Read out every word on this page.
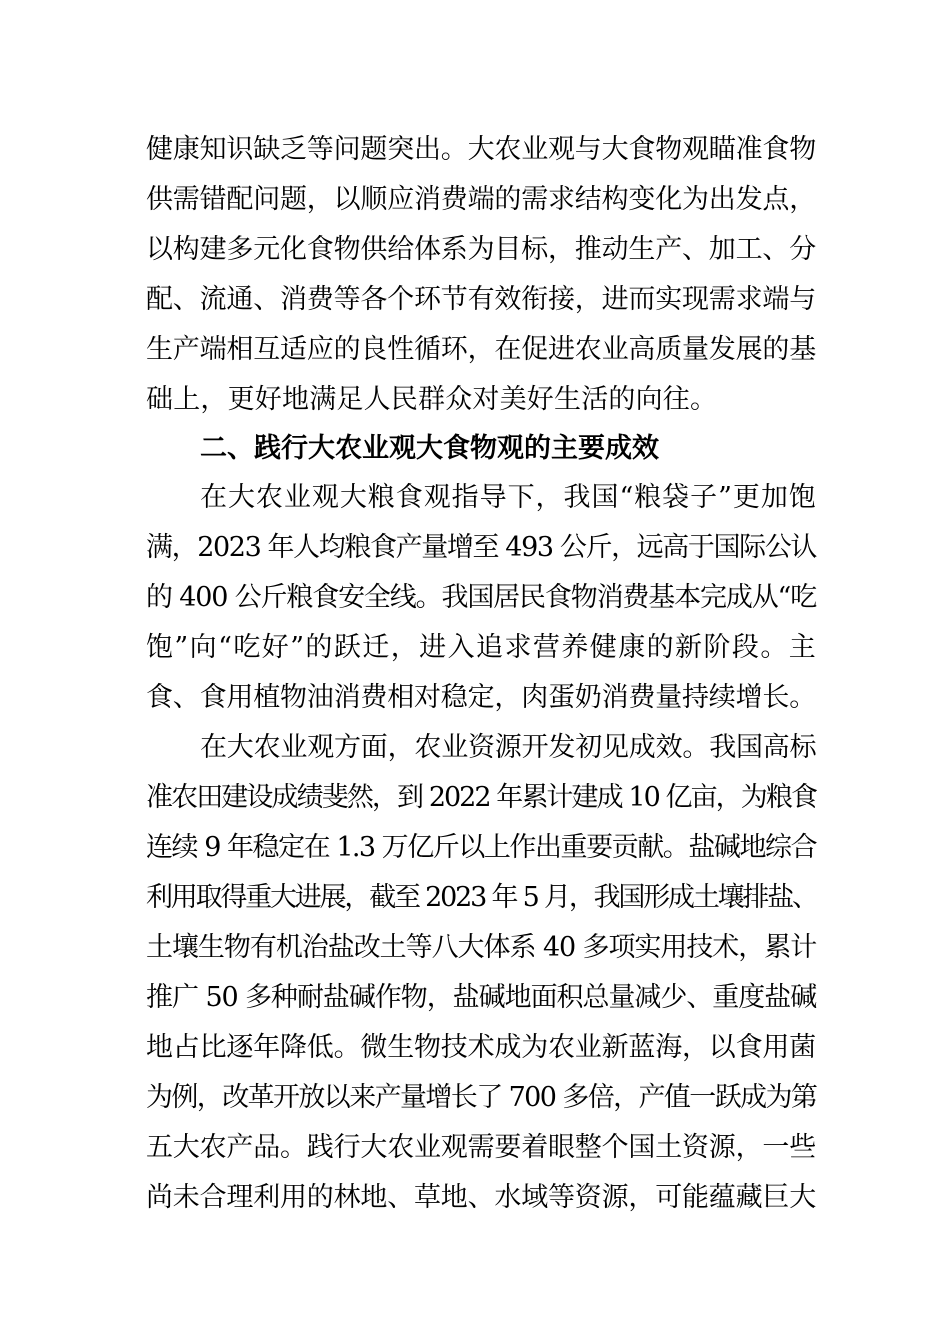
健康知识缺乏等问题突出。大农业观与大食物观瞄准食物
供需错配问题，以顺应消费端的需求结构变化为出发点，
以构建多元化食物供给体系为目标，推动生产、加工、分
配、流通、消费等各个环节有效衔接，进而实现需求端与
生产端相互适应的良性循环，在促进农业高质量发展的基
础上，更好地满足人民群众对美好生活的向往。
二、践行大农业观大食物观的主要成效
在大农业观大粮食观指导下，我国“粮袋子”更加饱
满，2023 年人均粮食产量增至 493 公斤，远高于国际公认
的 400 公斤粮食安全线。我国居民食物消费基本完成从“吃
饱”向“吃好”的跃迁，进入追求营养健康的新阶段。主
食、食用植物油消费相对稳定，肉蛋奶消费量持续增长。
在大农业观方面，农业资源开发初见成效。我国高标
准农田建设成绩斐然，到 2022 年累计建成 10 亿亩，为粮食
连续 9 年稳定在 1.3 万亿斤以上作出重要贡献。盐碱地综合
利用取得重大进展，截至 2023 年 5 月，我国形成土壤排盐、
土壤生物有机治盐改土等八大体系 40 多项实用技术，累计
推广 50 多种耐盐碱作物，盐碱地面积总量减少、重度盐碱
地占比逐年降低。微生物技术成为农业新蓝海，以食用菌
为例，改革开放以来产量增长了 700 多倍，产值一跃成为第
五大农产品。践行大农业观需要着眼整个国土资源，一些
尚未合理利用的林地、草地、水域等资源，可能蕴藏巨大
